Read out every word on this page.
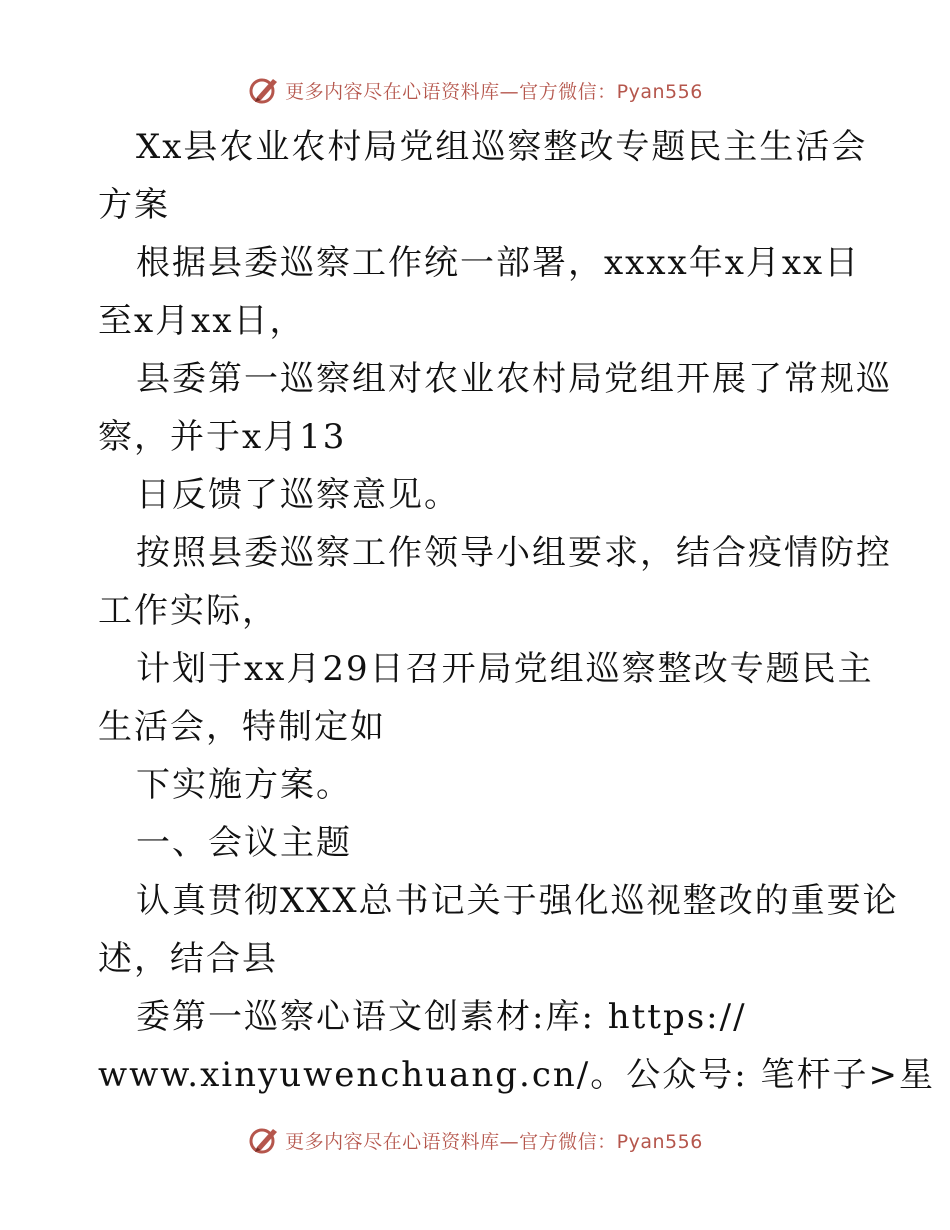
更多内容尽在心语资料库—官方微信：Pyan556

Xx县农业农村局党组巡察整改专题民主生活会

方案

根据县委巡察工作统一部署，xxxx年x月xx日

至x月xx日，

县委第一巡察组对农业农村局党组开展了常规巡

察，并于x月13

日反馈了巡察意见。

按照县委巡察工作领导小组要求，结合疫情防控

工作实际，

计划于xx月29日召开局党组巡察整改专题民主

生活会，特制定如

下实施方案。

一、会议主题

认真贯彻XXX总书记关于强化巡视整改的重要论

述，结合县

委第一巡察心语文创素材:库: https://

www.xinyuwenchuang.cn/。公众号: 笔杆子>星

更多内容尽在心语资料库—官方微信：Pyan556
